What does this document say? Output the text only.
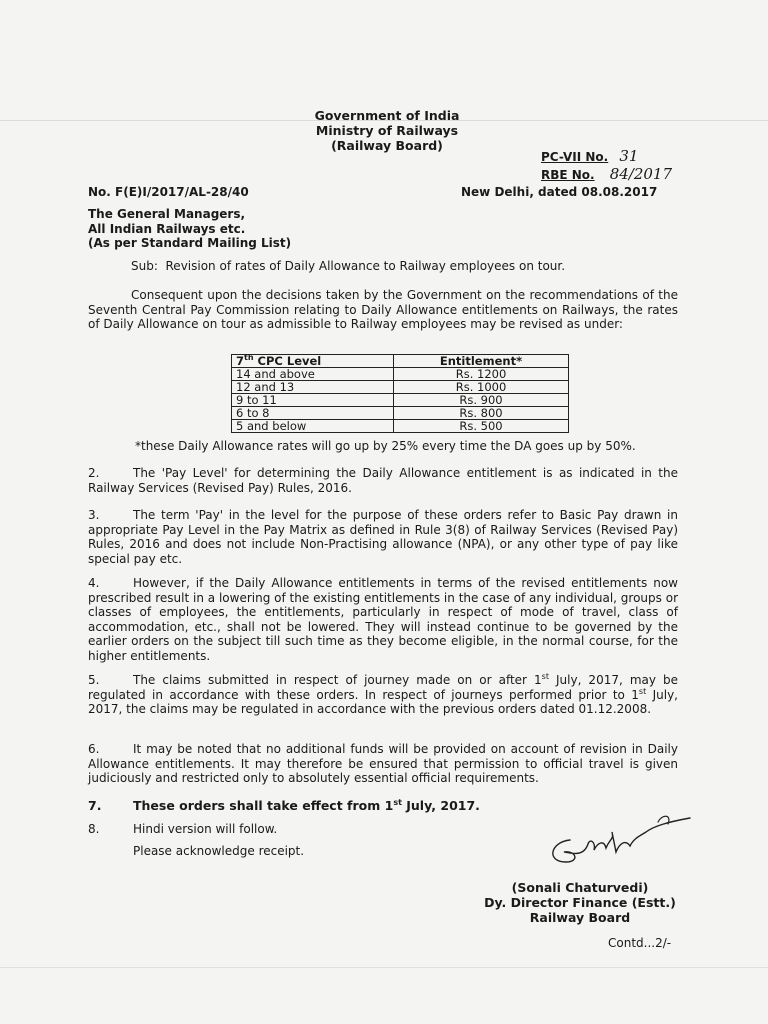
Government of India
Ministry of Railways
(Railway Board)
PC-VII No. 31
RBE No. 84/2017
No. F(E)I/2017/AL-28/40	New Delhi, dated 08.08.2017
The General Managers,
All Indian Railways etc.
(As per Standard Mailing List)
Sub:  Revision of rates of Daily Allowance to Railway employees on tour.
Consequent upon the decisions taken by the Government on the recommendations of the Seventh Central Pay Commission relating to Daily Allowance entitlements on Railways, the rates of Daily Allowance on tour as admissible to Railway employees may be revised as under:
7th CPC Level	Entitlement*
14 and above	Rs. 1200
12 and 13	Rs. 1000
9 to 11	Rs. 900
6 to 8	Rs. 800
5 and below	Rs. 500
*these Daily Allowance rates will go up by 25% every time the DA goes up by 50%.
2.	The 'Pay Level' for determining the Daily Allowance entitlement is as indicated in the Railway Services (Revised Pay) Rules, 2016.
3.	The term 'Pay' in the level for the purpose of these orders refer to Basic Pay drawn in appropriate Pay Level in the Pay Matrix as defined in Rule 3(8) of Railway Services (Revised Pay) Rules, 2016 and does not include Non-Practising allowance (NPA), or any other type of pay like special pay etc.
4.	However, if the Daily Allowance entitlements in terms of the revised entitlements now prescribed result in a lowering of the existing entitlements in the case of any individual, groups or classes of employees, the entitlements, particularly in respect of mode of travel, class of accommodation, etc., shall not be lowered. They will instead continue to be governed by the earlier orders on the subject till such time as they become eligible, in the normal course, for the higher entitlements.
5.	The claims submitted in respect of journey made on or after 1st July, 2017, may be regulated in accordance with these orders. In respect of journeys performed prior to 1st July, 2017, the claims may be regulated in accordance with the previous orders dated 01.12.2008.
6.	It may be noted that no additional funds will be provided on account of revision in Daily Allowance entitlements. It may therefore be ensured that permission to official travel is given judiciously and restricted only to absolutely essential official requirements.
7.	These orders shall take effect from 1st July, 2017.
8.	Hindi version will follow.
Please acknowledge receipt.
(Sonali Chaturvedi)
Dy. Director Finance (Estt.)
Railway Board
Contd...2/-
